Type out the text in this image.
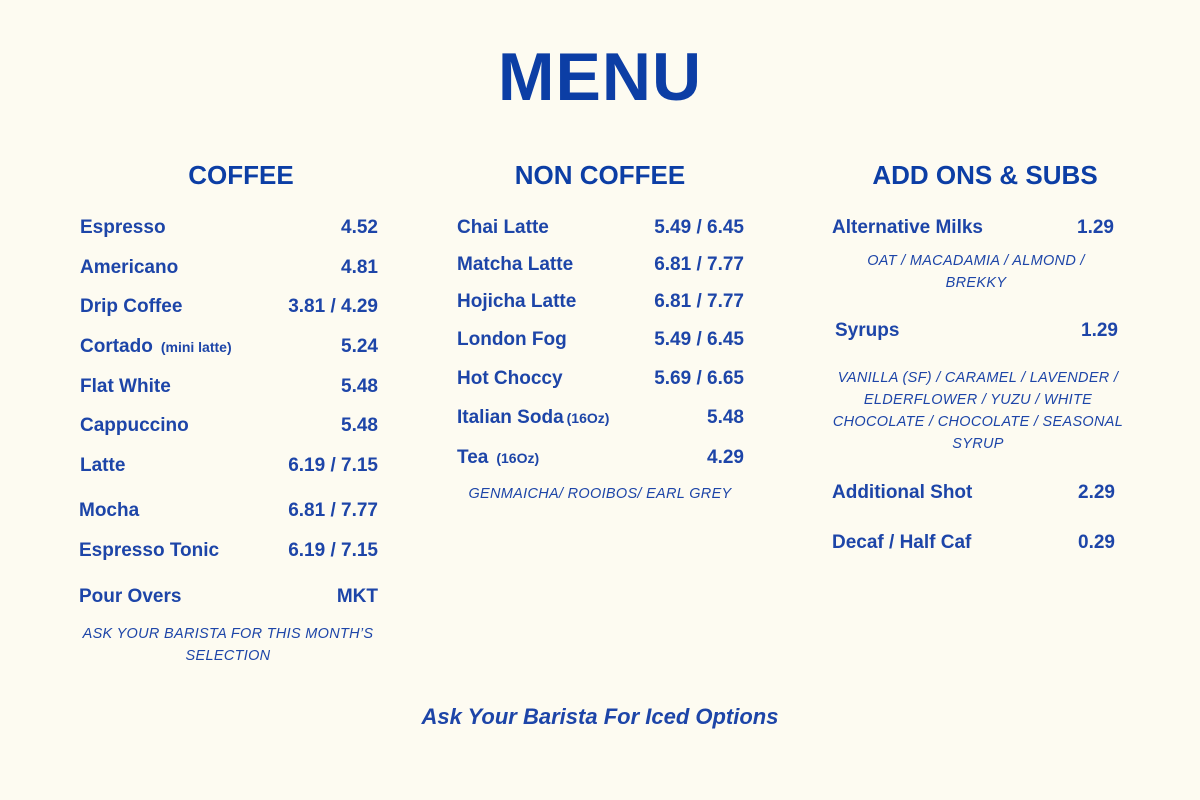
MENU
COFFEE
Espresso	4.52
Americano	4.81
Drip Coffee	3.81 / 4.29
Cortado (mini latte)	5.24
Flat White	5.48
Cappuccino	5.48
Latte	6.19 / 7.15
Mocha	6.81 / 7.77
Espresso Tonic	6.19 / 7.15
Pour Overs	MKT
ASK YOUR BARISTA FOR THIS MONTH’S SELECTION
NON COFFEE
Chai Latte	5.49 / 6.45
Matcha Latte	6.81 / 7.77
Hojicha Latte	6.81 / 7.77
London Fog	5.49 / 6.45
Hot Choccy	5.69 / 6.65
Italian Soda (16Oz)	5.48
Tea (16Oz)	4.29
GENMAICHA/ ROOIBOS/ EARL GREY
ADD ONS & SUBS
Alternative Milks	1.29
OAT / MACADAMIA / ALMOND / BREKKY
Syrups	1.29
VANILLA (SF) / CARAMEL / LAVENDER / ELDERFLOWER / YUZU / WHITE CHOCOLATE / CHOCOLATE / SEASONAL SYRUP
Additional Shot	2.29
Decaf / Half Caf	0.29
Ask Your Barista For Iced Options
